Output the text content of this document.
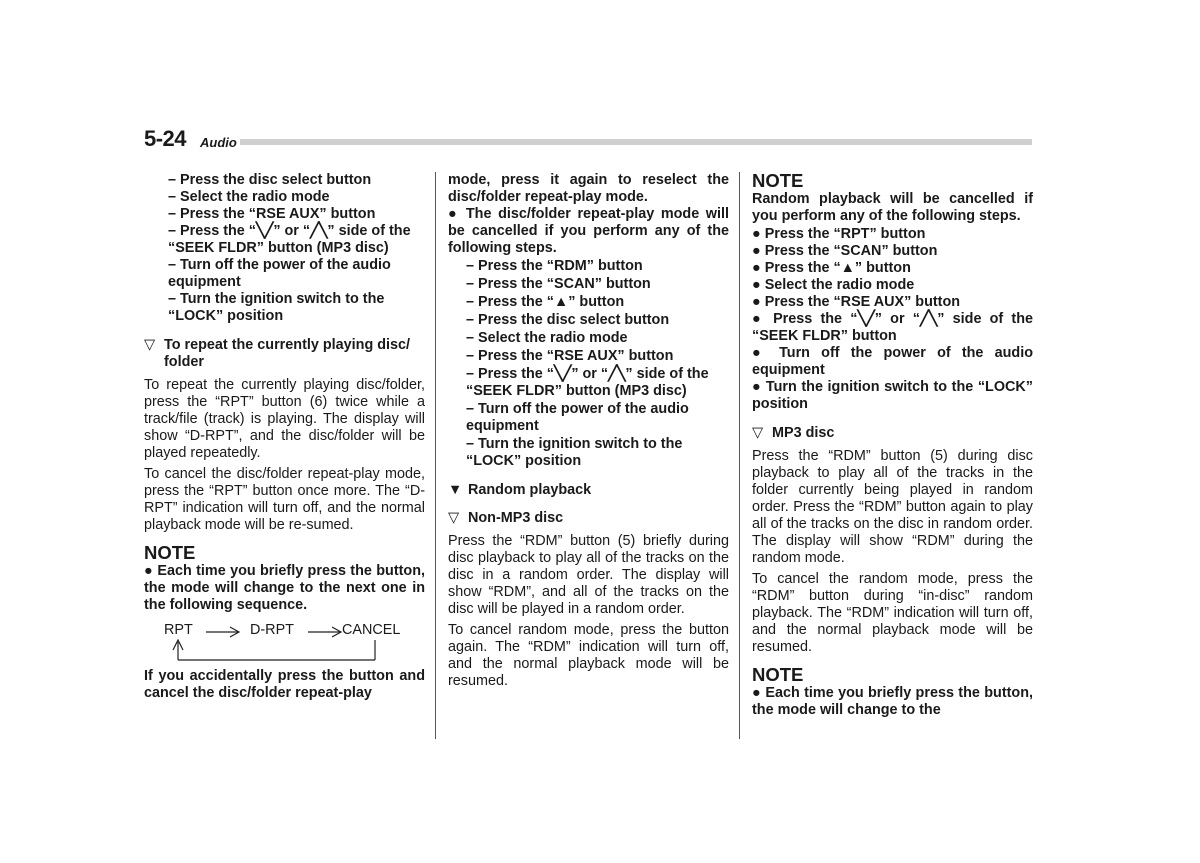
5-24 Audio
– Press the disc select button
– Select the radio mode
– Press the “RSE AUX” button
– Press the “╲╱” or “╱╲” side of the
“SEEK FLDR” button (MP3 disc)
– Turn off the power of the audio
equipment
– Turn the ignition switch to the
“LOCK” position
▽ To repeat the currently playing disc/
folder

To repeat the currently playing disc/folder, press the “RPT” button (6) twice while a track/file (track) is playing. The display will show “D-RPT”, and the disc/folder will be played repeatedly.

To cancel the disc/folder repeat-play mode, press the “RPT” button once more. The “D-RPT” indication will turn off, and the normal playback mode will be re-sumed.

NOTE

● Each time you briefly press the button, the mode will change to the next one in the following sequence.

RPT	D-RPT	CANCEL

If you accidentally press the button and cancel the disc/folder repeat-play

mode, press it again to reselect the disc/folder repeat-play mode.

● The disc/folder repeat-play mode will be cancelled if you perform any of the following steps.

– Press the “RDM” button
– Press the “SCAN” button
– Press the “▲” button
– Press the disc select button
– Select the radio mode
– Press the “RSE AUX” button
– Press the “╲╱” or “╱╲” side of the
“SEEK FLDR” button (MP3 disc)
– Turn off the power of the audio
equipment
– Turn the ignition switch to the
“LOCK” position
▼ Random playback
▽ Non-MP3 disc

Press the “RDM” button (5) briefly during disc playback to play all of the tracks on the disc in a random order. The display will show “RDM”, and all of the tracks on the disc will be played in a random order.

To cancel random mode, press the button again. The “RDM” indication will turn off, and the normal playback mode will be resumed.

NOTE

Random playback will be cancelled if you perform any of the following steps.

● Press the “RPT” button
● Press the “SCAN” button
● Press the “▲” button
● Select the radio mode
● Press the “RSE AUX” button

● Press the “╲╱” or “╱╲” side of the “SEEK FLDR” button

● Turn off the power of the audio equipment

● Turn the ignition switch to the “LOCK” position

▽ MP3 disc

Press the “RDM” button (5) during disc playback to play all of the tracks in the folder currently being played in random order. Press the “RDM” button again to play all of the tracks on the disc in random order. The display will show “RDM” during the random mode.

To cancel the random mode, press the “RDM” button during “in-disc” random playback. The “RDM” indication will turn off, and the normal playback mode will be resumed.

NOTE

● Each time you briefly press the button, the mode will change to the
